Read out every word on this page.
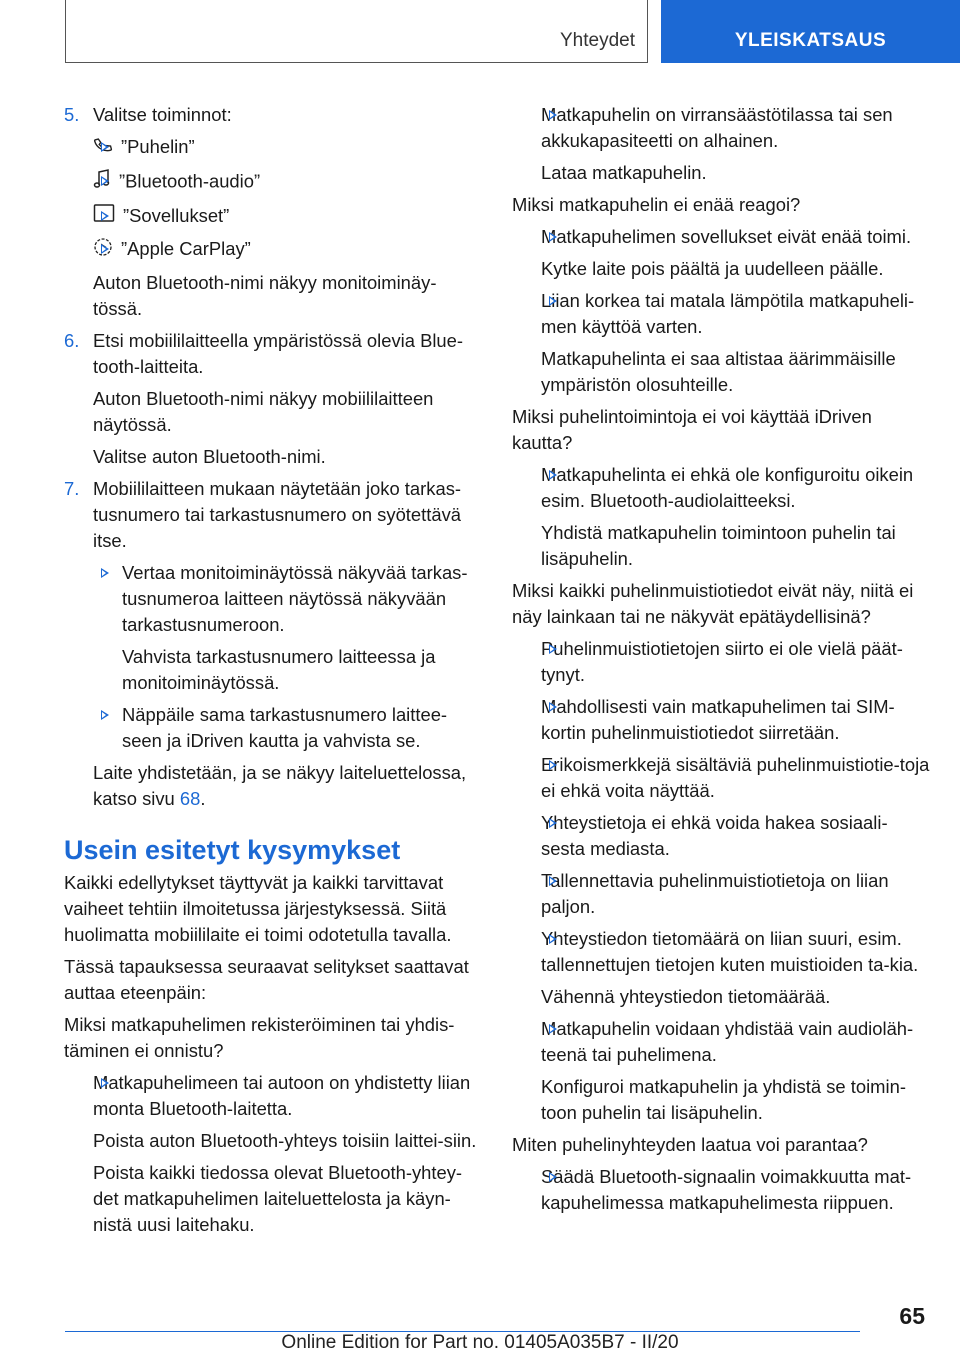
Yhteydet	YLEISKATSAUS
5. Valitse toiminnot:

”Puhelin”

”Bluetooth-audio”

”Sovellukset”

”Apple CarPlay”

Auton Bluetooth-nimi näkyy monitoiminäy-tössä.

6. Etsi mobiililaitteella ympäristössä olevia Blue-tooth-laitteita.

Auton Bluetooth-nimi näkyy mobiililaitteen näytössä.

Valitse auton Bluetooth-nimi.

7. Mobiililaitteen mukaan näytetään joko tarkas-tusnumero tai tarkastusnumero on syötettävä itse.

Vertaa monitoiminäytössä näkyvää tarkas-tusnumeroa laitteen näytössä näkyvään tarkastusnumeroon.

Vahvista tarkastusnumero laitteessa ja monitoiminäytössä.

Näppäile sama tarkastusnumero laittee-seen ja iDriven kautta ja vahvista se.

Laite yhdistetään, ja se näkyy laiteluettelossa, katso sivu 68.

Usein esitetyt kysymykset

Kaikki edellytykset täyttyvät ja kaikki tarvittavat vaiheet tehtiin ilmoitetussa järjestyksessä. Siitä huolimatta mobiililaite ei toimi odotetulla tavalla.

Tässä tapauksessa seuraavat selitykset saattavat auttaa eteenpäin:

Miksi matkapuhelimen rekisteröiminen tai yhdis-täminen ei onnistu?

Matkapuhelimeen tai autoon on yhdistetty liian monta Bluetooth-laitetta.

Poista auton Bluetooth-yhteys toisiin laittei-siin.

Poista kaikki tiedossa olevat Bluetooth-yhtey-det matkapuhelimen laiteluettelosta ja käyn-nistä uusi laitehaku.

Matkapuhelin on virransäästötilassa tai sen akkukapasiteetti on alhainen.

Lataa matkapuhelin.

Miksi matkapuhelin ei enää reagoi?

Matkapuhelimen sovellukset eivät enää toimi.

Kytke laite pois päältä ja uudelleen päälle.

Liian korkea tai matala lämpötila matkapuheli-men käyttöä varten.

Matkapuhelinta ei saa altistaa äärimmäisille ympäristön olosuhteille.

Miksi puhelintoimintoja ei voi käyttää iDriven kautta?

Matkapuhelinta ei ehkä ole konfiguroitu oikein esim. Bluetooth-audiolaitteeksi.

Yhdistä matkapuhelin toimintoon puhelin tai lisäpuhelin.

Miksi kaikki puhelinmuistiotiedot eivät näy, niitä ei näy lainkaan tai ne näkyvät epätäydellisinä?

Puhelinmuistiotietojen siirto ei ole vielä päät-tynyt.

Mahdollisesti vain matkapuhelimen tai SIM-kortin puhelinmuistiotiedot siirretään.

Erikoismerkkejä sisältäviä puhelinmuistiotie-toja ei ehkä voita näyttää.

Yhteystietoja ei ehkä voida hakea sosiaali-sesta mediasta.

Tallennettavia puhelinmuistiotietoja on liian paljon.

Yhteystiedon tietomäärä on liian suuri, esim. tallennettujen tietojen kuten muistioiden ta-kia.

Vähennä yhteystiedon tietomäärää.

Matkapuhelin voidaan yhdistää vain audioläh-teenä tai puhelimena.

Konfiguroi matkapuhelin ja yhdistä se toimin-toon puhelin tai lisäpuhelin.

Miten puhelinyhteyden laatua voi parantaa?

Säädä Bluetooth-signaalin voimakkuutta mat-kapuhelimessa matkapuhelimesta riippuen.

65
Online Edition for Part no. 01405A035B7 - II/20
